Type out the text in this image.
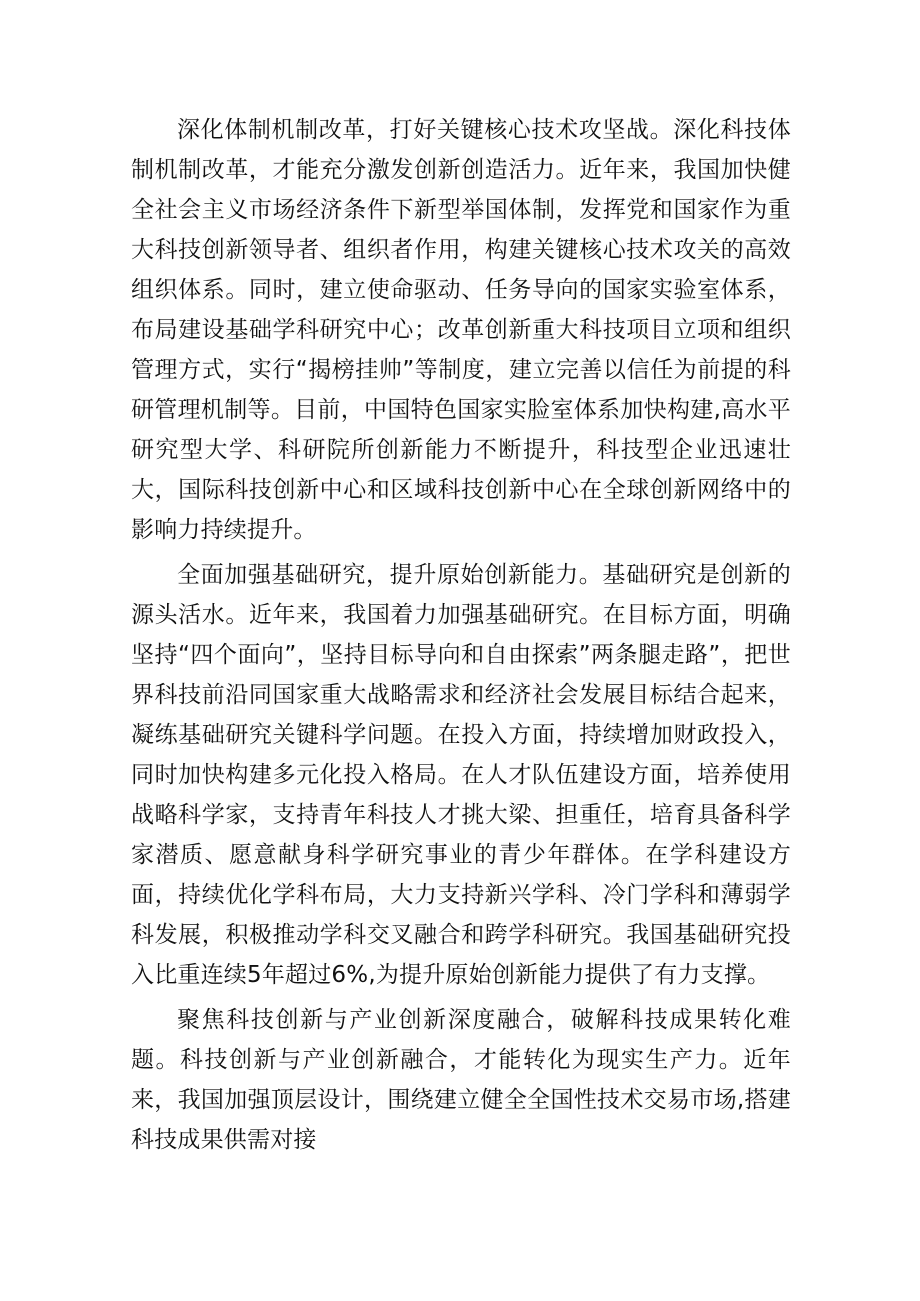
深化体制机制改革，打好关键核心技术攻坚战。深化科技体制机制改革，才能充分激发创新创造活力。近年来，我国加快健全社会主义市场经济条件下新型举国体制，发挥党和国家作为重大科技创新领导者、组织者作用，构建关键核心技术攻关的高效组织体系。同时，建立使命驱动、任务导向的国家实验室体系，布局建设基础学科研究中心；改革创新重大科技项目立项和组织管理方式，实行“揭榜挂帅”等制度，建立完善以信任为前提的科研管理机制等。目前，中国特色国家实脸室体系加快构建,高水平研究型大学、科研院所创新能力不断提升，科技型企业迅速壮大，国际科技创新中心和区域科技创新中心在全球创新网络中的影响力持续提升。

全面加强基础研究，提升原始创新能力。基础研究是创新的源头活水。近年来，我国着力加强基础研究。在目标方面，明确坚持“四个面向”，坚持目标导向和自由探索”两条腿走路”，把世界科技前沿同国家重大战略需求和经济社会发展目标结合起来，凝练基础研究关键科学问题。在投入方面，持续增加财政投入，同时加快构建多元化投入格局。在人才队伍建设方面，培养使用战略科学家，支持青年科技人才挑大梁、担重任，培育具备科学家潜质、愿意献身科学研究事业的青少年群体。在学科建设方面，持续优化学科布局，大力支持新兴学科、冷门学科和薄弱学科发展，积极推动学科交叉融合和跨学科研究。我国基础研究投入比重连续5年超过6%,为提升原始创新能力提供了有力支撑。

聚焦科技创新与产业创新深度融合，破解科技成果转化难题。科技创新与产业创新融合，才能转化为现实生产力。近年来，我国加强顶层设计，围绕建立健全全国性技术交易市场,搭建科技成果供需对接
